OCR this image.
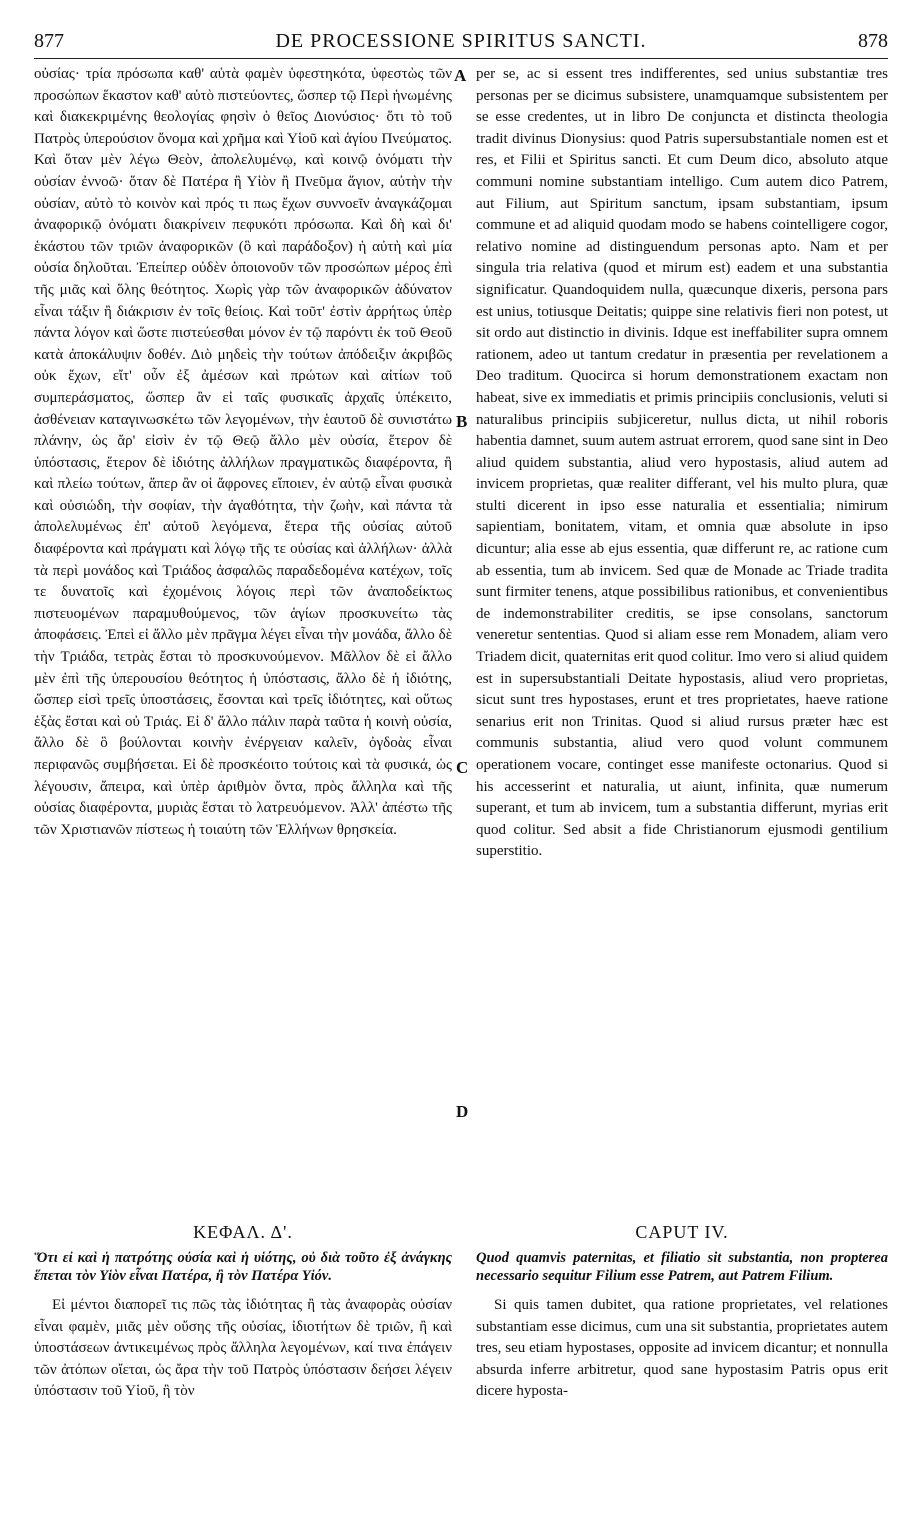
877	DE PROCESSIONE SPIRITUS SANCTI.	878

οὐσίας· τρία πρόσωπα καθ' αὑτὰ φαμὲν ὑφεστηκότα, ὑφεστὼς τῶν προσώπων ἕκαστον καθ' αὑτὸ πιστεύοντες, ὥσπερ τῷ Περὶ ἡνωμένης καὶ διακεκριμένης θεολογίας φησὶν ὁ θεῖος Διονύσιος· ὅτι τὸ τοῦ Πατρὸς ὑπερούσιον ὄνομα καὶ χρῆμα καὶ Υἱοῦ καὶ ἁγίου Πνεύματος. Καὶ ὅταν μὲν λέγω Θεὸν, ἀπολελυμένῳ, καὶ κοινῷ ὀνόματι τὴν οὐσίαν ἐννοῶ· ὅταν δὲ Πατέρα ἢ Υἱὸν ἢ Πνεῦμα ἅγιον, αὐτὴν τὴν οὐσίαν, αὐτὸ τὸ κοινὸν καὶ πρός τι πως ἔχων συννοεῖν ἀναγκάζομαι ἀναφορικῷ ὀνόματι διακρίνειν πεφυκότι πρόσωπα. Καὶ δὴ καὶ δι' ἑκάστου τῶν τριῶν ἀναφορικῶν (ὃ καὶ παράδοξον) ἡ αὐτὴ καὶ μία οὐσία δηλοῦται. Ἐπείπερ οὐδὲν ὁποιονοῦν τῶν προσώπων μέρος ἐπὶ τῆς μιᾶς καὶ ὅλης θεότητος. Χωρὶς γὰρ τῶν ἀναφορικῶν ἀδύνατον εἶναι τάξιν ἢ διάκρισιν ἐν τοῖς θείοις. Καὶ τοῦτ' ἐστὶν ἀρρήτως ὑπὲρ πάντα λόγον καὶ ὥστε πιστεύεσθαι μόνον ἐν τῷ παρόντι ἐκ τοῦ Θεοῦ κατὰ ἀποκάλυψιν δοθέν. Διὸ μηδεὶς τὴν τούτων ἀπόδειξιν ἀκριβῶς οὐκ ἔχων, εἴτ' οὖν ἐξ ἀμέσων καὶ πρώτων καὶ αἰτίων τοῦ συμπεράσματος, ὥσπερ ἂν εἰ ταῖς φυσικαῖς ἀρχαῖς ὑπέκειτο, ἀσθένειαν καταγινωσκέτω τῶν λεγομένων, τὴν ἑαυτοῦ δὲ συνιστάτω πλάνην, ὡς ἄρ' εἰσὶν ἐν τῷ Θεῷ ἄλλο μὲν οὐσία, ἕτερον δὲ ὑπόστασις, ἕτερον δὲ ἰδιότης ἀλλήλων πραγματικῶς διαφέροντα, ἢ καὶ πλείω τούτων, ἅπερ ἂν οἱ ἄφρονες εἴποιεν, ἐν αὐτῷ εἶναι φυσικὰ καὶ οὐσιώδη, τὴν σοφίαν, τὴν ἀγαθότητα, τὴν ζωὴν, καὶ πάντα τὰ ἀπολελυμένως ἐπ' αὐτοῦ λεγόμενα, ἕτερα τῆς οὐσίας αὐτοῦ διαφέροντα καὶ πράγματι καὶ λόγῳ τῆς τε οὐσίας καὶ ἀλλήλων· ἀλλὰ τὰ περὶ μονάδος καὶ Τριάδος ἀσφαλῶς παραδεδομένα κατέχων, τοῖς τε δυνατοῖς καὶ ἐχομένοις λόγοις περὶ τῶν ἀναποδείκτως πιστευομένων παραμυθούμενος, τῶν ἁγίων προσκυνείτω τὰς ἀποφάσεις. Ἐπεὶ εἰ ἄλλο μὲν πρᾶγμα λέγει εἶναι τὴν μονάδα, ἄλλο δὲ τὴν Τριάδα, τετρὰς ἔσται τὸ προσκυνούμενον. Μᾶλλον δὲ εἰ ἄλλο μὲν ἐπὶ τῆς ὑπερουσίου θεότητος ἡ ὑπόστασις, ἄλλο δὲ ἡ ἰδιότης, ὥσπερ εἰσὶ τρεῖς ὑποστάσεις, ἔσονται καὶ τρεῖς ἰδιότητες, καὶ οὕτως ἑξὰς ἔσται καὶ οὐ Τριάς. Εἰ δ' ἄλλο πάλιν παρὰ ταῦτα ἡ κοινὴ οὐσία, ἄλλο δὲ ὃ βούλονται κοινὴν ἐνέργειαν καλεῖν, ὀγδοὰς εἶναι περιφανῶς συμβήσεται. Εἰ δὲ προσκέοιτο τούτοις καὶ τὰ φυσικά, ὡς λέγουσιν, ἄπειρα, καὶ ὑπὲρ ἀριθμὸν ὄντα, πρὸς ἄλληλα καὶ τῆς οὐσίας διαφέροντα, μυριὰς ἔσται τὸ λατρευόμενον. Ἀλλ' ἀπέστω τῆς τῶν Χριστιανῶν πίστεως ἡ τοιαύτη τῶν Ἑλλήνων θρησκεία.

per se, ac si essent tres indifferentes, sed unius substantiæ tres personas per se dicimus subsistere, unamquamque subsistentem per se esse credentes, ut in libro De conjuncta et distincta theologia tradit divinus Dionysius: quod Patris supersubstantiale nomen est et res, et Filii et Spiritus sancti. Et cum Deum dico, absoluto atque communi nomine substantiam intelligo. Cum autem dico Patrem, aut Filium, aut Spiritum sanctum, ipsam substantiam, ipsum commune et ad aliquid quodam modo se habens cointelligere cogor, relativo nomine ad distinguendum personas apto. Nam et per singula tria relativa (quod et mirum est) eadem et una substantia significatur. Quandoquidem nulla, quæcunque dixeris, persona pars est unius, totiusque Deitatis; quippe sine relativis fieri non potest, ut sit ordo aut distinctio in divinis. Idque est ineffabiliter supra omnem rationem, adeo ut tantum credatur in præsentia per revelationem a Deo traditum. Quocirca si horum demonstrationem exactam non habeat, sive ex immediatis et primis principiis conclusionis, veluti si naturalibus principiis subjiceretur, nullus dicta, ut nihil roboris habentia damnet, suum autem astruat errorem, quod sane sint in Deo aliud quidem substantia, aliud vero hypostasis, aliud autem ad invicem proprietas, quæ realiter differant, vel his multo plura, quæ stulti dicerent in ipso esse naturalia et essentialia; nimirum sapientiam, bonitatem, vitam, et omnia quæ absolute in ipso dicuntur; alia esse ab ejus essentia, quæ differunt re, ac ratione cum ab essentia, tum ab invicem. Sed quæ de Monade ac Triade tradita sunt firmiter tenens, atque possibilibus rationibus, et convenientibus de indemonstrabiliter creditis, se ipse consolans, sanctorum veneretur sententias. Quod si aliam esse rem Monadem, aliam vero Triadem dicit, quaternitas erit quod colitur. Imo vero si aliud quidem est in supersubstantiali Deitate hypostasis, aliud vero proprietas, sicut sunt tres hypostases, erunt et tres proprietates, haeve ratione senarius erit non Trinitas. Quod si aliud rursus præter hæc est communis substantia, aliud vero quod volunt communem operationem vocare, continget esse manifeste octonarius. Quod si his accesserint et naturalia, ut aiunt, infinita, quæ numerum superant, et tum ab invicem, tum a substantia differunt, myrias erit quod colitur. Sed absit a fide Christianorum ejusmodi gentilium superstitio.

A
B
C
D
ΚΕΦΑΛ. Δ'.
Ὅτι εἰ καὶ ἡ πατρότης οὐσία καὶ ἡ υἱότης, οὐ διὰ τοῦτο ἐξ ἀνάγκης ἕπεται τὸν Υἱὸν εἶναι Πατέρα, ἢ τὸν Πατέρα Υἱόν.
Εἰ μέντοι διαπορεῖ τις πῶς τὰς ἰδιότητας ἢ τὰς ἀναφορὰς οὐσίαν εἶναι φαμὲν, μιᾶς μὲν οὔσης τῆς οὐσίας, ἰδιοτήτων δὲ τριῶν, ἢ καὶ ὑποστάσεων ἀντικειμένως πρὸς ἄλληλα λεγομένων, καί τινα ἐπάγειν τῶν ἀτόπων οἴεται, ὡς ἄρα τὴν τοῦ Πατρὸς ὑπόστασιν δεήσει λέγειν ὑπόστασιν τοῦ Υἱοῦ, ἢ τὸν
CAPUT IV.
Quod quamvis paternitas, et filiatio sit substantia, non propterea necessario sequitur Filium esse Patrem, aut Patrem Filium.
Si quis tamen dubitet, qua ratione proprietates, vel relationes substantiam esse dicimus, cum una sit substantia, proprietates autem tres, seu etiam hypostases, opposite ad invicem dicantur; et nonnulla absurda inferre arbitretur, quod sane hypostasim Patris opus erit dicere hyposta-
